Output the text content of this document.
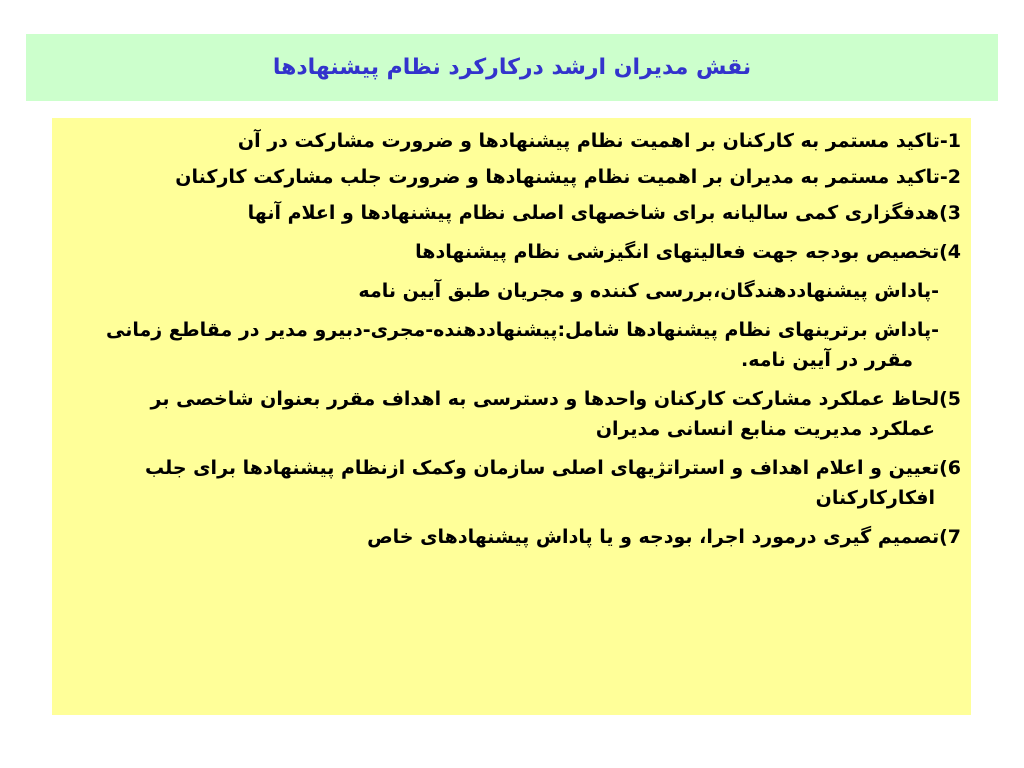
نقش مدیران ارشد درکارکرد نظام پیشنهادها
1-تاکید مستمر به کارکنان بر اهمیت نظام پیشنهادها و ضرورت مشارکت در آن
2-تاکید مستمر به مدیران بر اهمیت نظام پیشنهادها و ضرورت جلب مشارکت کارکنان
3)هدفگزاری کمی سالیانه برای شاخصهای اصلی نظام پیشنهادها و اعلام آنها
4)تخصیص بودجه جهت فعالیتهای انگیزشی نظام پیشنهادها
-پاداش پیشنهاددهندگان،بررسی کننده و مجریان طبق آیین نامه
-پاداش برترینهای نظام پیشنهادها شامل:پیشنهاددهنده-مجری-دبیرو مدیر در مقاطع زمانی
مقرر در آیین نامه.
5)لحاظ عملکرد مشارکت کارکنان واحدها و دسترسی به اهداف مقرر بعنوان شاخصی بر
عملکرد مدیریت منابع انسانی مدیران
6)تعیین و اعلام اهداف و استراتژیهای اصلی سازمان وکمک ازنظام پیشنهادها برای جلب
افکارکارکنان
7)تصمیم گیری درمورد اجرا، بودجه و یا پاداش پیشنهادهای خاص
